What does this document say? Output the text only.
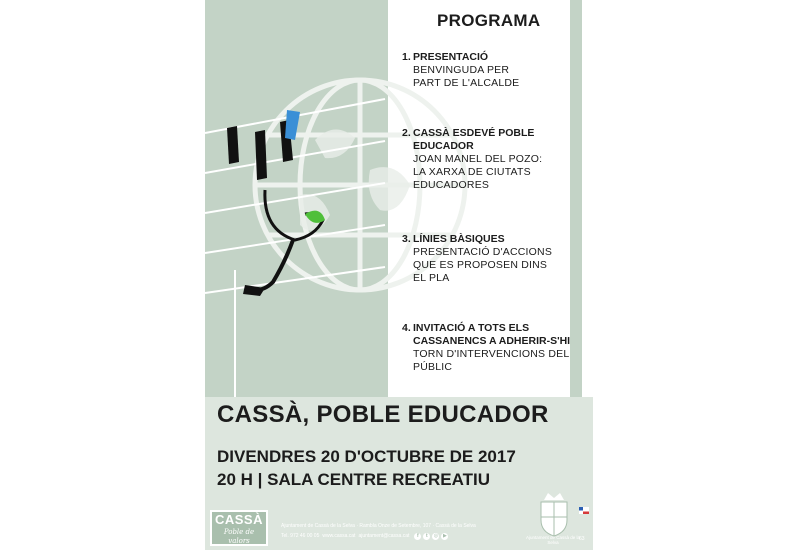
PROGRAMA
1. PRESENTACIÓ
BENVINGUDA PER
PART DE L'ALCALDE
2. CASSÀ ESDEVÉ POBLE
EDUCADOR
JOAN MANEL DEL POZO:
LA XARXA DE CIUTATS
EDUCADORES
3. LÍNIES BÀSIQUES
PRESENTACIÓ D'ACCIONS
QUE ES PROPOSEN DINS
EL PLA
4. INVITACIÓ A TOTS ELS
CASSANENCS A ADHERIR-S'HI
TORN D'INTERVENCIONS DEL
PÚBLIC
CASSÀ, POBLE EDUCADOR
DIVENDRES 20 D'OCTUBRE DE 2017
20 H | SALA CENTRE RECREATIU
CASSÀ
Poble de valors
Ajuntament de Cassà de la Selva · Rambla Onze de Setembre, 107 · Cassà de la Selva
Tel. 972 46 00 05 www.cassa.cat ajuntament@cassa.cat	f	t	◎ ▶	Ajuntament de Cassà de la Selva
63
